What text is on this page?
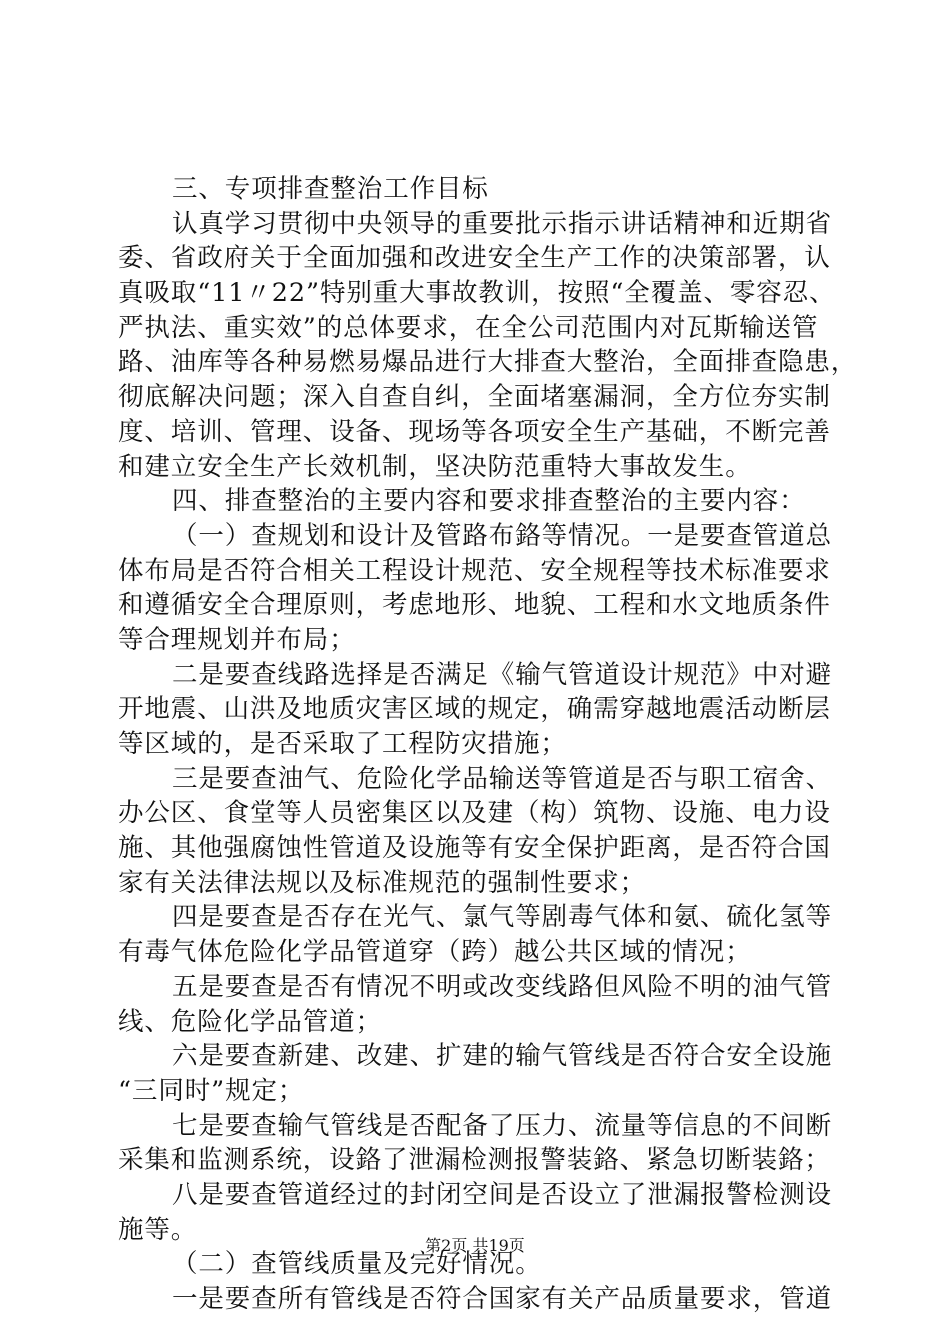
三、专项排查整治工作目标
认真学习贯彻中央领导的重要批示指示讲话精神和近期省
委、省政府关于全面加强和改进安全生产工作的决策部署，认
真吸取“11〃22”特别重大事故教训，按照“全覆盖、零容忍、
严执法、重实效”的总体要求，在全公司范围内对瓦斯输送管
路、油库等各种易燃易爆品进行大排查大整治，全面排查隐患，
彻底解决问题；深入自查自纠，全面堵塞漏洞，全方位夯实制
度、培训、管理、设备、现场等各项安全生产基础，不断完善
和建立安全生产长效机制，坚决防范重特大事故发生。
四、排查整治的主要内容和要求排查整治的主要内容：
（一）查规划和设计及管路布鉻等情况。一是要查管道总
体布局是否符合相关工程设计规范、安全规程等技术标准要求
和遵循安全合理原则，考虑地形、地貌、工程和水文地质条件
等合理规划并布局；
二是要查线路选择是否满足《输气管道设计规范》中对避
开地震、山洪及地质灾害区域的规定，确需穿越地震活动断层
等区域的，是否采取了工程防灾措施；
三是要查油气、危险化学品输送等管道是否与职工宿舍、
办公区、食堂等人员密集区以及建（构）筑物、设施、电力设
施、其他强腐蚀性管道及设施等有安全保护距离，是否符合国
家有关法律法规以及标准规范的强制性要求；
四是要查是否存在光气、氯气等剧毒气体和氨、硫化氢等
有毒气体危险化学品管道穿（跨）越公共区域的情况；
五是要查是否有情况不明或改变线路但风险不明的油气管
线、危险化学品管道；
六是要查新建、改建、扩建的输气管线是否符合安全设施
“三同时”规定；
七是要查输气管线是否配备了压力、流量等信息的不间断
采集和监测系统，设鉻了泄漏检测报警装鉻、紧急切断装鉻；
八是要查管道经过的封闭空间是否设立了泄漏报警检测设
施等。
（二）查管线质量及完好情况。
一是要查所有管线是否符合国家有关产品质量要求，管道
第2页 共19页
